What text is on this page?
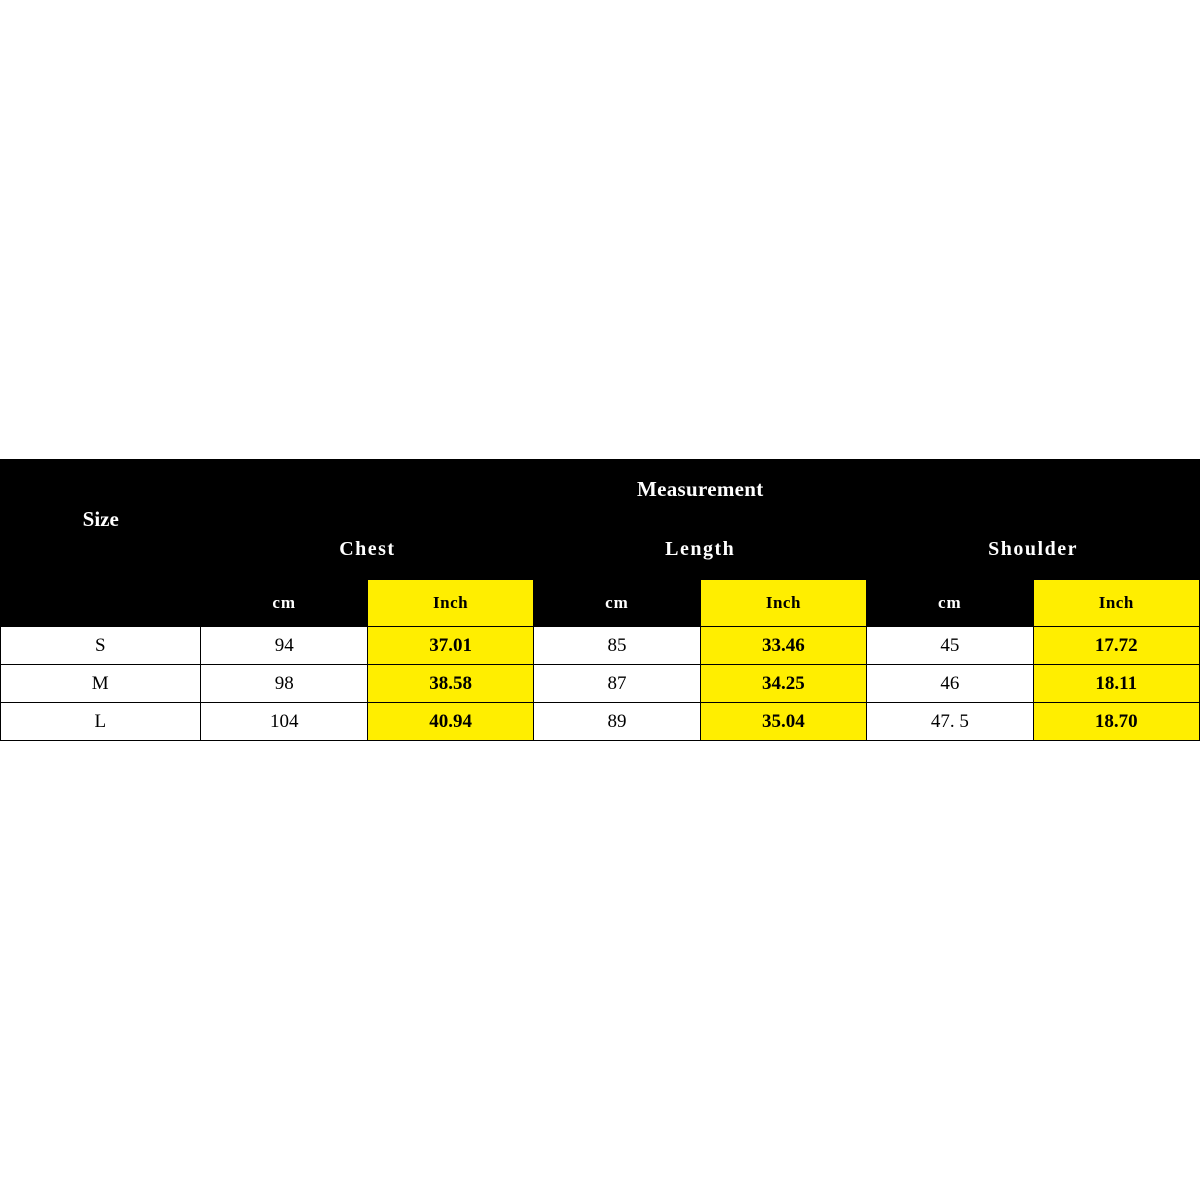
Size	Measurement					
	Chest		Length		Shoulder	
	cm	Inch	cm	Inch	cm	Inch
S	94	37.01	85	33.46	45	17.72
M	98	38.58	87	34.25	46	18.11
L	104	40.94	89	35.04	47. 5	18.70
